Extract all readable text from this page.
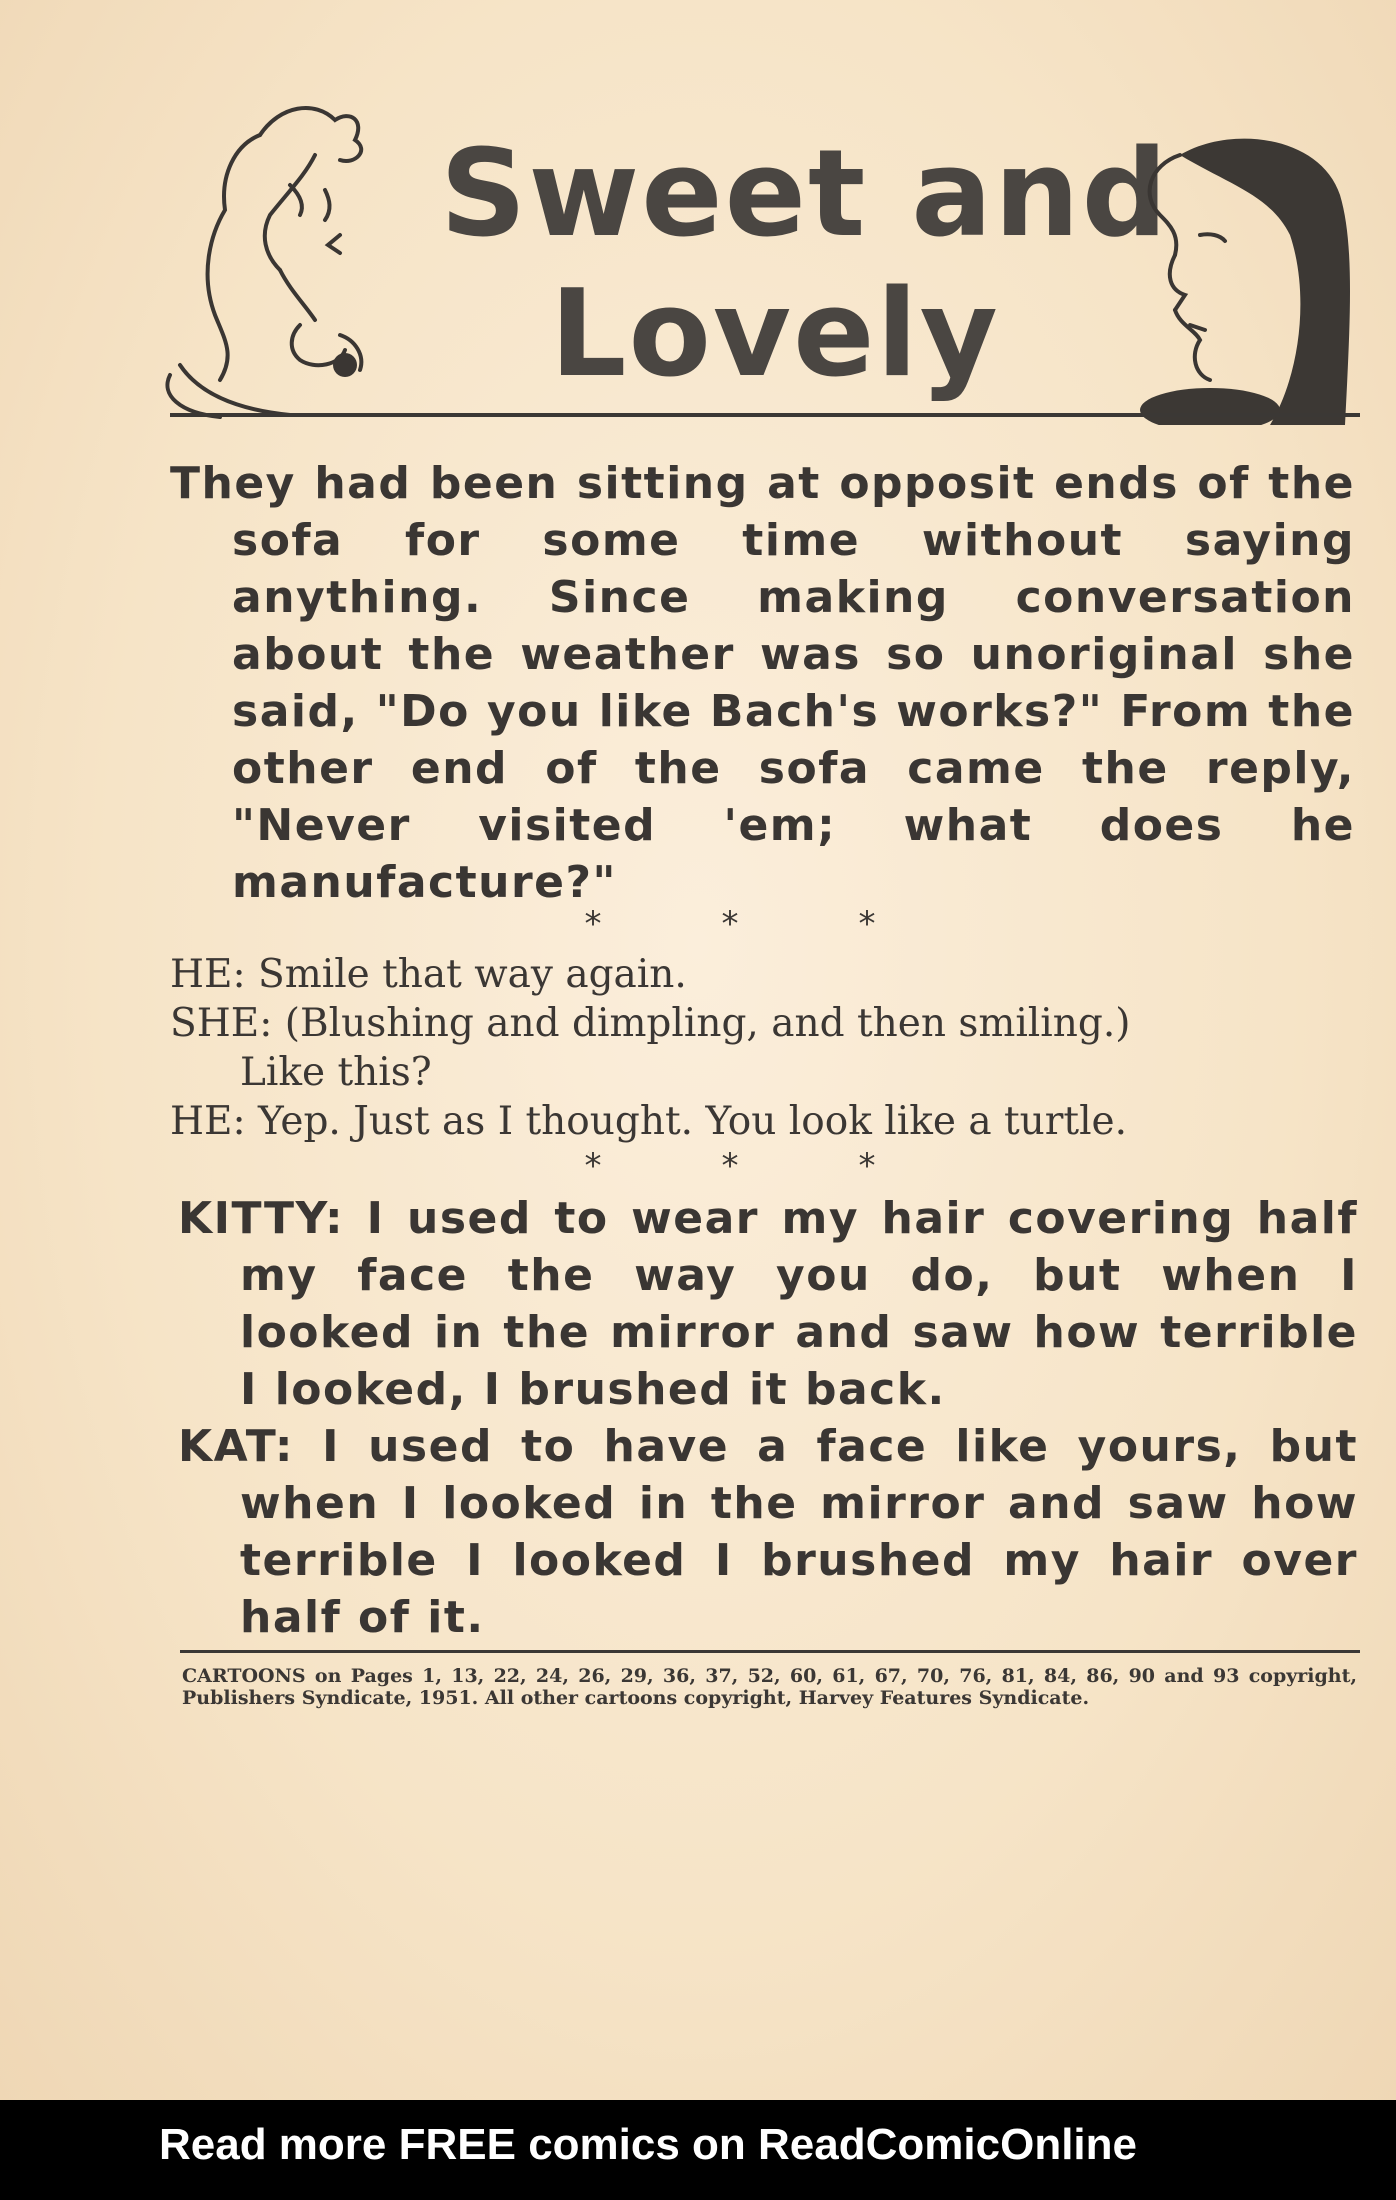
Sweet and
Lovely

They had been sitting at opposit ends of the sofa for some time without saying anything. Since making conversation about the weather was so unoriginal she said, "Do you like Bach's works?" From the other end of the sofa came the reply, "Never visited 'em; what does he manufacture?"

*	*	*

HE: Smile that way again.

SHE: (Blushing and dimpling, and then smiling.)

Like this?

HE: Yep. Just as I thought. You look like a turtle.

*	*	*

KITTY: I used to wear my hair covering half my face the way you do, but when I looked in the mirror and saw how terrible I looked, I brushed it back.

KAT: I used to have a face like yours, but when I looked in the mirror and saw how terrible I looked I brushed my hair over half of it.

CARTOONS on Pages 1, 13, 22, 24, 26, 29, 36, 37, 52, 60, 61, 67, 70, 76, 81, 84, 86, 90 and 93 copyright, Publishers Syndicate, 1951. All other cartoons copyright, Harvey Features Syndicate.

Read more FREE comics on ReadComicOnline
